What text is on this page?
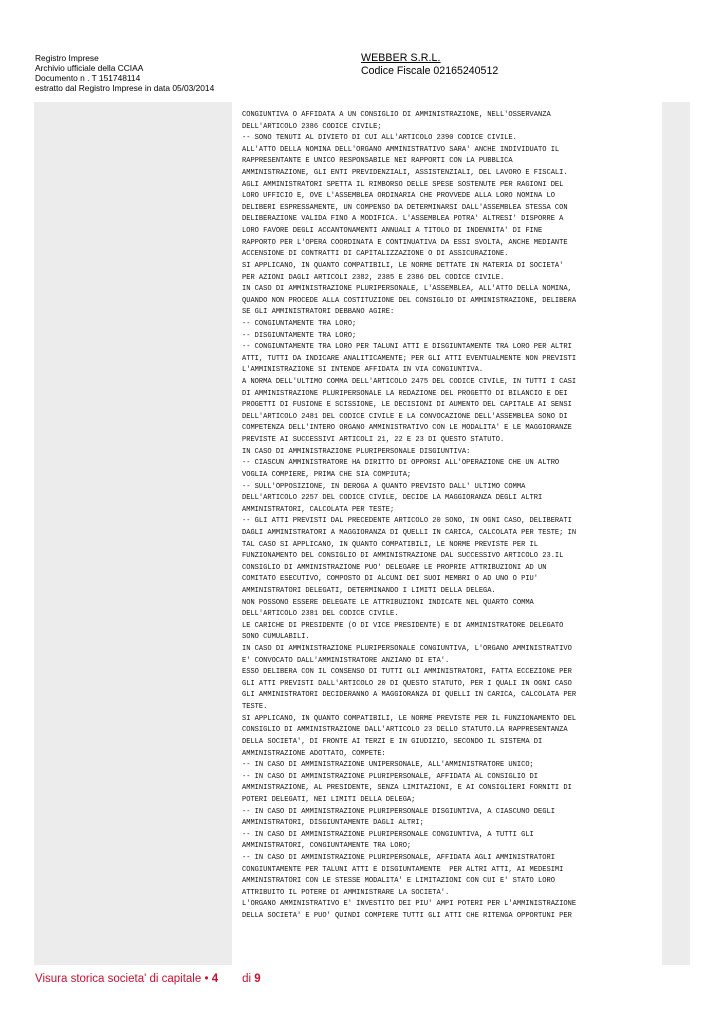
Registro Imprese
Archivio ufficiale della CCIAA
Documento n . T 151748114
estratto dal Registro Imprese in data 05/03/2014
WEBBER S.R.L.
Codice Fiscale 02165240512
CONGIUNTIVA O AFFIDATA A UN CONSIGLIO DI AMMINISTRAZIONE, NELL'OSSERVANZA
DELL'ARTICOLO 2386 CODICE CIVILE;
-- SONO TENUTI AL DIVIETO DI CUI ALL'ARTICOLO 2390 CODICE CIVILE.
ALL'ATTO DELLA NOMINA DELL'ORGANO AMMINISTRATIVO SARA' ANCHE INDIVIDUATO IL
RAPPRESENTANTE E UNICO RESPONSABILE NEI RAPPORTI CON LA PUBBLICA
AMMINISTRAZIONE, GLI ENTI PREVIDENZIALI, ASSISTENZIALI, DEL LAVORO E FISCALI.
AGLI AMMINISTRATORI SPETTA IL RIMBORSO DELLE SPESE SOSTENUTE PER RAGIONI DEL
LORO UFFICIO E, OVE L'ASSEMBLEA ORDINARIA CHE PROVVEDE ALLA LORO NOMINA LO
DELIBERI ESPRESSAMENTE, UN COMPENSO DA DETERMINARSI DALL'ASSEMBLEA STESSA CON
DELIBERAZIONE VALIDA FINO A MODIFICA. L'ASSEMBLEA POTRA' ALTRESI' DISPORRE A
LORO FAVORE DEGLI ACCANTONAMENTI ANNUALI A TITOLO DI INDENNITA' DI FINE
RAPPORTO PER L'OPERA COORDINATA E CONTINUATIVA DA ESSI SVOLTA, ANCHE MEDIANTE
ACCENSIONE DI CONTRATTI DI CAPITALIZZAZIONE O DI ASSICURAZIONE.
SI APPLICANO, IN QUANTO COMPATIBILI, LE NORME DETTATE IN MATERIA DI SOCIETA'
PER AZIONI DAGLI ARTICOLI 2382, 2385 E 2386 DEL CODICE CIVILE.
IN CASO DI AMMINISTRAZIONE PLURIPERSONALE, L'ASSEMBLEA, ALL'ATTO DELLA NOMINA,
QUANDO NON PROCEDE ALLA COSTITUZIONE DEL CONSIGLIO DI AMMINISTRAZIONE, DELIBERA
SE GLI AMMINISTRATORI DEBBANO AGIRE:
-- CONGIUNTAMENTE TRA LORO;
-- DISGIUNTAMENTE TRA LORO;
-- CONGIUNTAMENTE TRA LORO PER TALUNI ATTI E DISGIUNTAMENTE TRA LORO PER ALTRI
ATTI, TUTTI DA INDICARE ANALITICAMENTE; PER GLI ATTI EVENTUALMENTE NON PREVISTI
L'AMMINISTRAZIONE SI INTENDE AFFIDATA IN VIA CONGIUNTIVA.
A NORMA DELL'ULTIMO COMMA DELL'ARTICOLO 2475 DEL CODICE CIVILE, IN TUTTI I CASI
DI AMMINISTRAZIONE PLURIPERSONALE LA REDAZIONE DEL PROGETTO DI BILANCIO E DEI
PROGETTI DI FUSIONE E SCISSIONE, LE DECISIONI DI AUMENTO DEL CAPITALE AI SENSI
DELL'ARTICOLO 2481 DEL CODICE CIVILE E LA CONVOCAZIONE DELL'ASSEMBLEA SONO DI
COMPETENZA DELL'INTERO ORGANO AMMINISTRATIVO CON LE MODALITA' E LE MAGGIORANZE
PREVISTE AI SUCCESSIVI ARTICOLI 21, 22 E 23 DI QUESTO STATUTO.
IN CASO DI AMMINISTRAZIONE PLURIPERSONALE DISGIUNTIVA:
-- CIASCUN AMMINISTRATORE HA DIRITTO DI OPPORSI ALL'OPERAZIONE CHE UN ALTRO
VOGLIA COMPIERE, PRIMA CHE SIA COMPIUTA;
-- SULL'OPPOSIZIONE, IN DEROGA A QUANTO PREVISTO DALL' ULTIMO COMMA
DELL'ARTICOLO 2257 DEL CODICE CIVILE, DECIDE LA MAGGIORANZA DEGLI ALTRI
AMMINISTRATORI, CALCOLATA PER TESTE;
-- GLI ATTI PREVISTI DAL PRECEDENTE ARTICOLO 20 SONO, IN OGNI CASO, DELIBERATI
DAGLI AMMINISTRATORI A MAGGIORANZA DI QUELLI IN CARICA, CALCOLATA PER TESTE; IN
TAL CASO SI APPLICANO, IN QUANTO COMPATIBILI, LE NORME PREVISTE PER IL
FUNZIONAMENTO DEL CONSIGLIO DI AMMINISTRAZIONE DAL SUCCESSIVO ARTICOLO 23.IL
CONSIGLIO DI AMMINISTRAZIONE PUO' DELEGARE LE PROPRIE ATTRIBUZIONI AD UN
COMITATO ESECUTIVO, COMPOSTO DI ALCUNI DEI SUOI MEMBRI O AD UNO O PIU'
AMMINISTRATORI DELEGATI, DETERMINANDO I LIMITI DELLA DELEGA.
NON POSSONO ESSERE DELEGATE LE ATTRIBUZIONI INDICATE NEL QUARTO COMMA
DELL'ARTICOLO 2381 DEL CODICE CIVILE.
LE CARICHE DI PRESIDENTE (O DI VICE PRESIDENTE) E DI AMMINISTRATORE DELEGATO
SONO CUMULABILI.
IN CASO DI AMMINISTRAZIONE PLURIPERSONALE CONGIUNTIVA, L'ORGANO AMMINISTRATIVO
E' CONVOCATO DALL'AMMINISTRATORE ANZIANO DI ETA'.
ESSO DELIBERA CON IL CONSENSO DI TUTTI GLI AMMINISTRATORI, FATTA ECCEZIONE PER
GLI ATTI PREVISTI DALL'ARTICOLO 20 DI QUESTO STATUTO, PER I QUALI IN OGNI CASO
GLI AMMINISTRATORI DECIDERANNO A MAGGIORANZA DI QUELLI IN CARICA, CALCOLATA PER
TESTE.
SI APPLICANO, IN QUANTO COMPATIBILI, LE NORME PREVISTE PER IL FUNZIONAMENTO DEL
CONSIGLIO DI AMMINISTRAZIONE DALL'ARTICOLO 23 DELLO STATUTO.LA RAPPRESENTANZA
DELLA SOCIETA', DI FRONTE AI TERZI E IN GIUDIZIO, SECONDO IL SISTEMA DI
AMMINISTRAZIONE ADOTTATO, COMPETE:
-- IN CASO DI AMMINISTRAZIONE UNIPERSONALE, ALL'AMMINISTRATORE UNICO;
-- IN CASO DI AMMINISTRAZIONE PLURIPERSONALE, AFFIDATA AL CONSIGLIO DI
AMMINISTRAZIONE, AL PRESIDENTE, SENZA LIMITAZIONI, E AI CONSIGLIERI FORNITI DI
POTERI DELEGATI, NEI LIMITI DELLA DELEGA;
-- IN CASO DI AMMINISTRAZIONE PLURIPERSONALE DISGIUNTIVA, A CIASCUNO DEGLI
AMMINISTRATORI, DISGIUNTAMENTE DAGLI ALTRI;
-- IN CASO DI AMMINISTRAZIONE PLURIPERSONALE CONGIUNTIVA, A TUTTI GLI
AMMINISTRATORI, CONGIUNTAMENTE TRA LORO;
-- IN CASO DI AMMINISTRAZIONE PLURIPERSONALE, AFFIDATA AGLI AMMINISTRATORI
CONGIUNTAMENTE PER TALUNI ATTI E DISGIUNTAMENTE  PER ALTRI ATTI, AI MEDESIMI
AMMINISTRATORI CON LE STESSE MODALITA' E LIMITAZIONI CON CUI E' STATO LORO
ATTRIBUITO IL POTERE DI AMMINISTRARE LA SOCIETA'.
L'ORGANO AMMINISTRATIVO E' INVESTITO DEI PIU' AMPI POTERI PER L'AMMINISTRAZIONE
DELLA SOCIETA' E PUO' QUINDI COMPIERE TUTTI GLI ATTI CHE RITENGA OPPORTUNI PER
Visura storica societa' di capitale • 4 di 9
